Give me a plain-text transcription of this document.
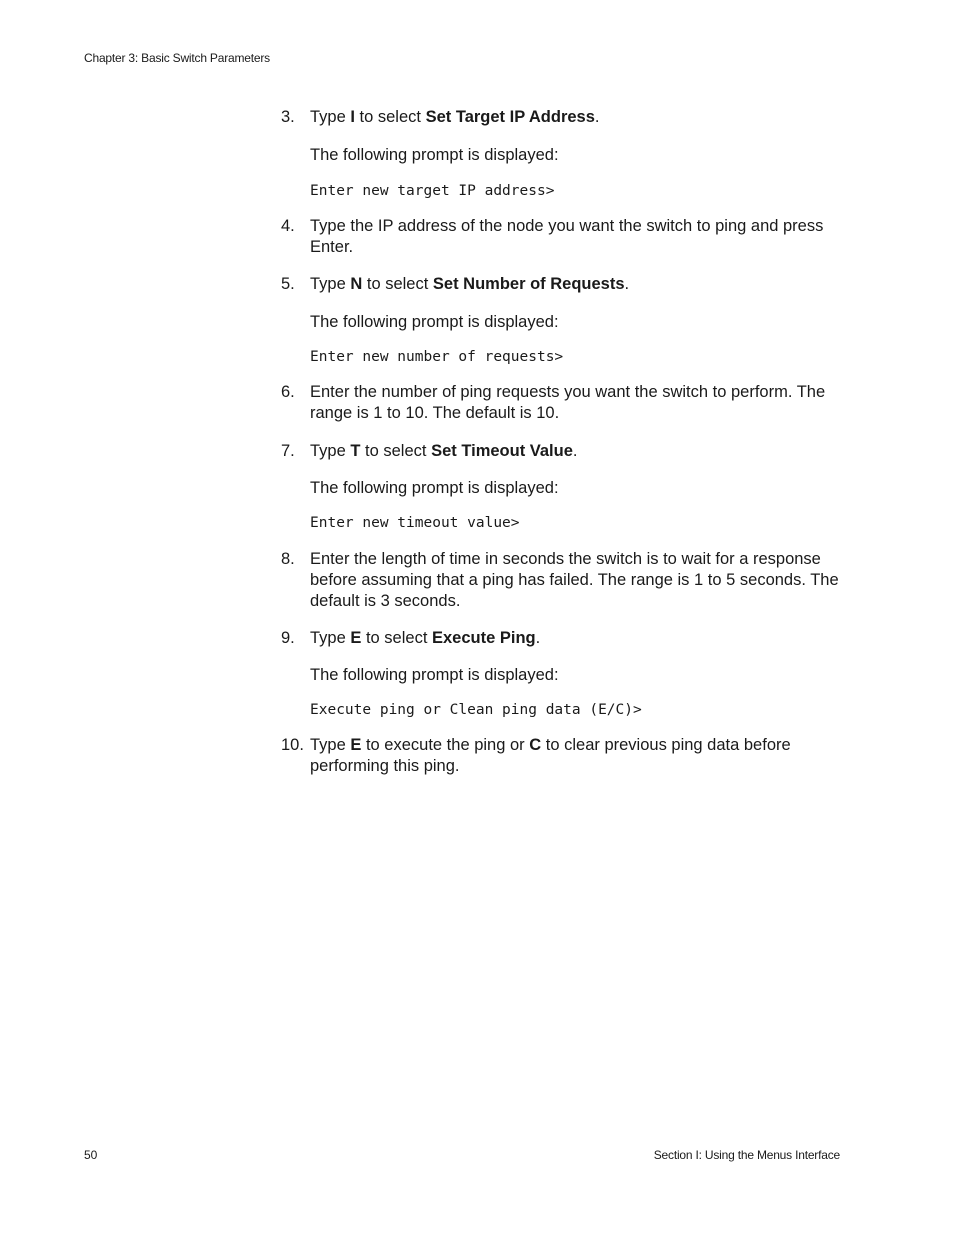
Chapter 3: Basic Switch Parameters
3. Type I to select Set Target IP Address.
The following prompt is displayed:
Enter new target IP address>
4. Type the IP address of the node you want the switch to ping and press Enter.
5. Type N to select Set Number of Requests.
The following prompt is displayed:
Enter new number of requests>
6. Enter the number of ping requests you want the switch to perform. The range is 1 to 10. The default is 10.
7. Type T to select Set Timeout Value.
The following prompt is displayed:
Enter new timeout value>
8. Enter the length of time in seconds the switch is to wait for a response before assuming that a ping has failed. The range is 1 to 5 seconds. The default is 3 seconds.
9. Type E to select Execute Ping.
The following prompt is displayed:
Execute ping or Clean ping data (E/C)>
10. Type E to execute the ping or C to clear previous ping data before performing this ping.
50	Section I: Using the Menus Interface
